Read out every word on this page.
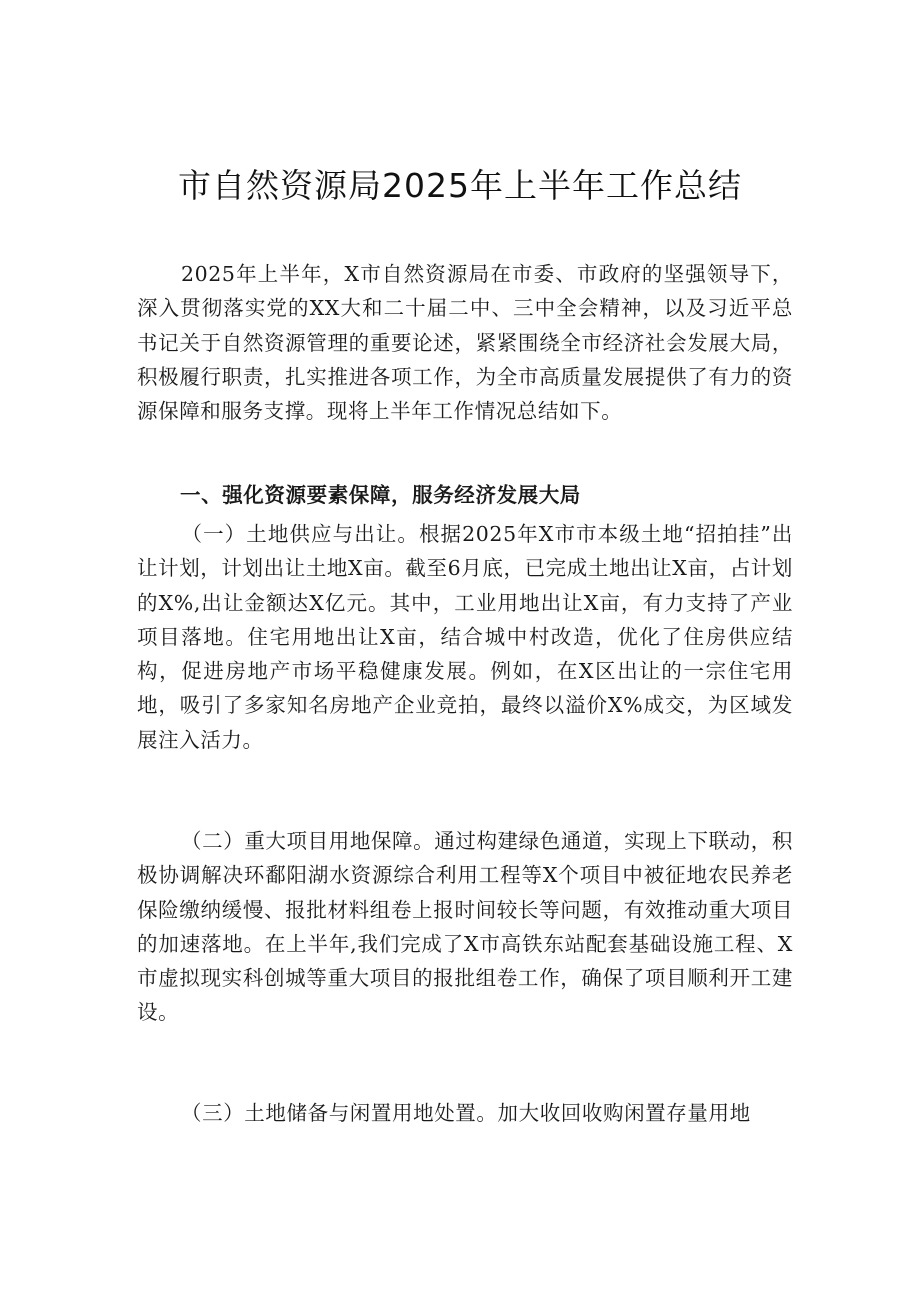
市自然资源局2025年上半年工作总结

2025年上半年，X市自然资源局在市委、市政府的坚强领导下，深入贯彻落实党的XX大和二十届二中、三中全会精神，以及习近平总书记关于自然资源管理的重要论述，紧紧围绕全市经济社会发展大局，积极履行职责，扎实推进各项工作，为全市高质量发展提供了有力的资源保障和服务支撑。现将上半年工作情况总结如下。

一、强化资源要素保障，服务经济发展大局

（一）土地供应与出让。根据2025年X市市本级土地“招拍挂”出让计划，计划出让土地X亩。截至6月底，已完成土地出让X亩，占计划的X%,出让金额达X亿元。其中，工业用地出让X亩，有力支持了产业项目落地。住宅用地出让X亩，结合城中村改造，优化了住房供应结构，促进房地产市场平稳健康发展。例如，在X区出让的一宗住宅用地，吸引了多家知名房地产企业竞拍，最终以溢价X%成交，为区域发展注入活力。

（二）重大项目用地保障。通过构建绿色通道，实现上下联动，积极协调解决环鄱阳湖水资源综合利用工程等X个项目中被征地农民养老保险缴纳缓慢、报批材料组卷上报时间较长等问题，有效推动重大项目的加速落地。在上半年,我们完成了X市高铁东站配套基础设施工程、X市虚拟现实科创城等重大项目的报批组卷工作，确保了项目顺利开工建设。

（三）土地储备与闲置用地处置。加大收回收购闲置存量用地
